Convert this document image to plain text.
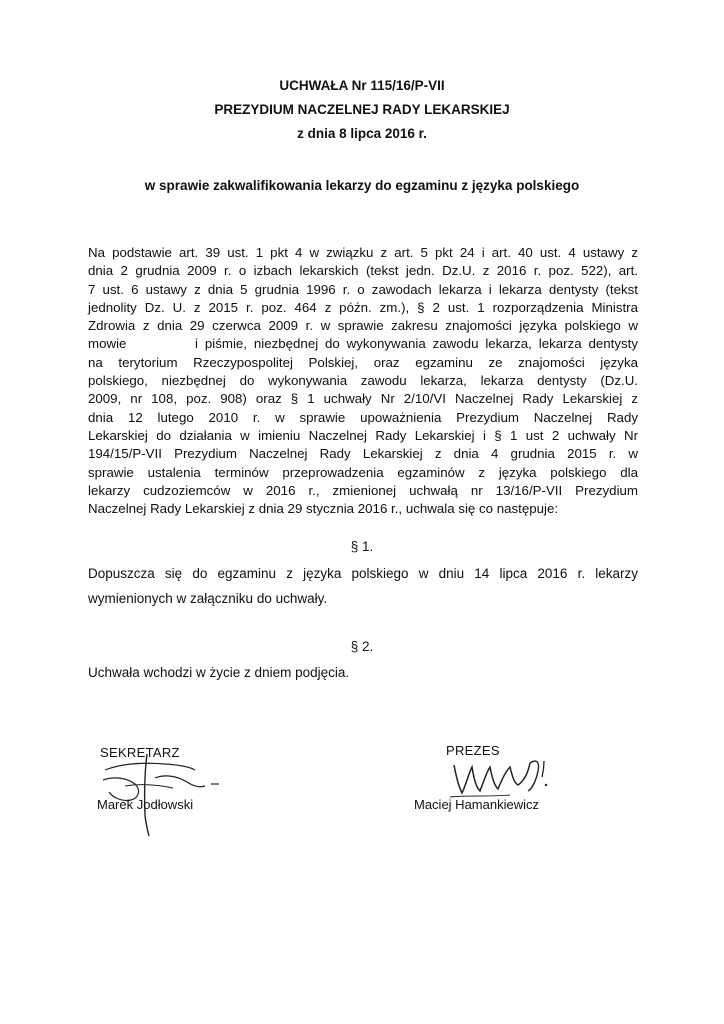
UCHWAŁA Nr 115/16/P-VII
PREZYDIUM NACZELNEJ RADY LEKARSKIEJ
z dnia 8 lipca 2016 r.
w sprawie zakwalifikowania lekarzy do egzaminu z języka polskiego
Na podstawie art. 39 ust. 1 pkt 4 w związku z art. 5 pkt 24 i art. 40 ust. 4 ustawy z
dnia 2 grudnia 2009 r. o izbach lekarskich (tekst jedn. Dz.U. z 2016 r. poz. 522), art.
7 ust. 6 ustawy z dnia 5 grudnia 1996 r. o zawodach lekarza i lekarza dentysty (tekst
jednolity Dz. U. z 2015 r. poz. 464 z późn. zm.), § 2 ust. 1 rozporządzenia Ministra
Zdrowia z dnia 29 czerwca 2009 r. w sprawie zakresu znajomości języka polskiego w
mowie          i piśmie, niezbędnej do wykonywania zawodu lekarza, lekarza dentysty
na terytorium Rzeczypospolitej Polskiej, oraz egzaminu ze znajomości języka
polskiego, niezbędnej do wykonywania zawodu lekarza, lekarza dentysty (Dz.U.
2009, nr 108, poz. 908) oraz § 1 uchwały Nr 2/10/VI Naczelnej Rady Lekarskiej z
dnia 12 lutego 2010 r. w sprawie upoważnienia Prezydium Naczelnej Rady
Lekarskiej do działania w imieniu Naczelnej Rady Lekarskiej i § 1 ust 2 uchwały Nr
194/15/P-VII Prezydium Naczelnej Rady Lekarskiej z dnia 4 grudnia 2015 r. w
sprawie ustalenia terminów przeprowadzenia egzaminów z języka polskiego dla
lekarzy cudzoziemców w 2016 r., zmienionej uchwałą nr 13/16/P-VII Prezydium
Naczelnej Rady Lekarskiej z dnia 29 stycznia 2016 r., uchwala się co następuje:
§ 1.
Dopuszcza się do egzaminu z języka polskiego w dniu 14 lipca 2016 r. lekarzy
wymienionych w załączniku do uchwały.
§ 2.
Uchwała wchodzi w życie z dniem podjęcia.
SEKRETARZ
Marek Jodłowski
PREZES
Maciej Hamankiewicz
